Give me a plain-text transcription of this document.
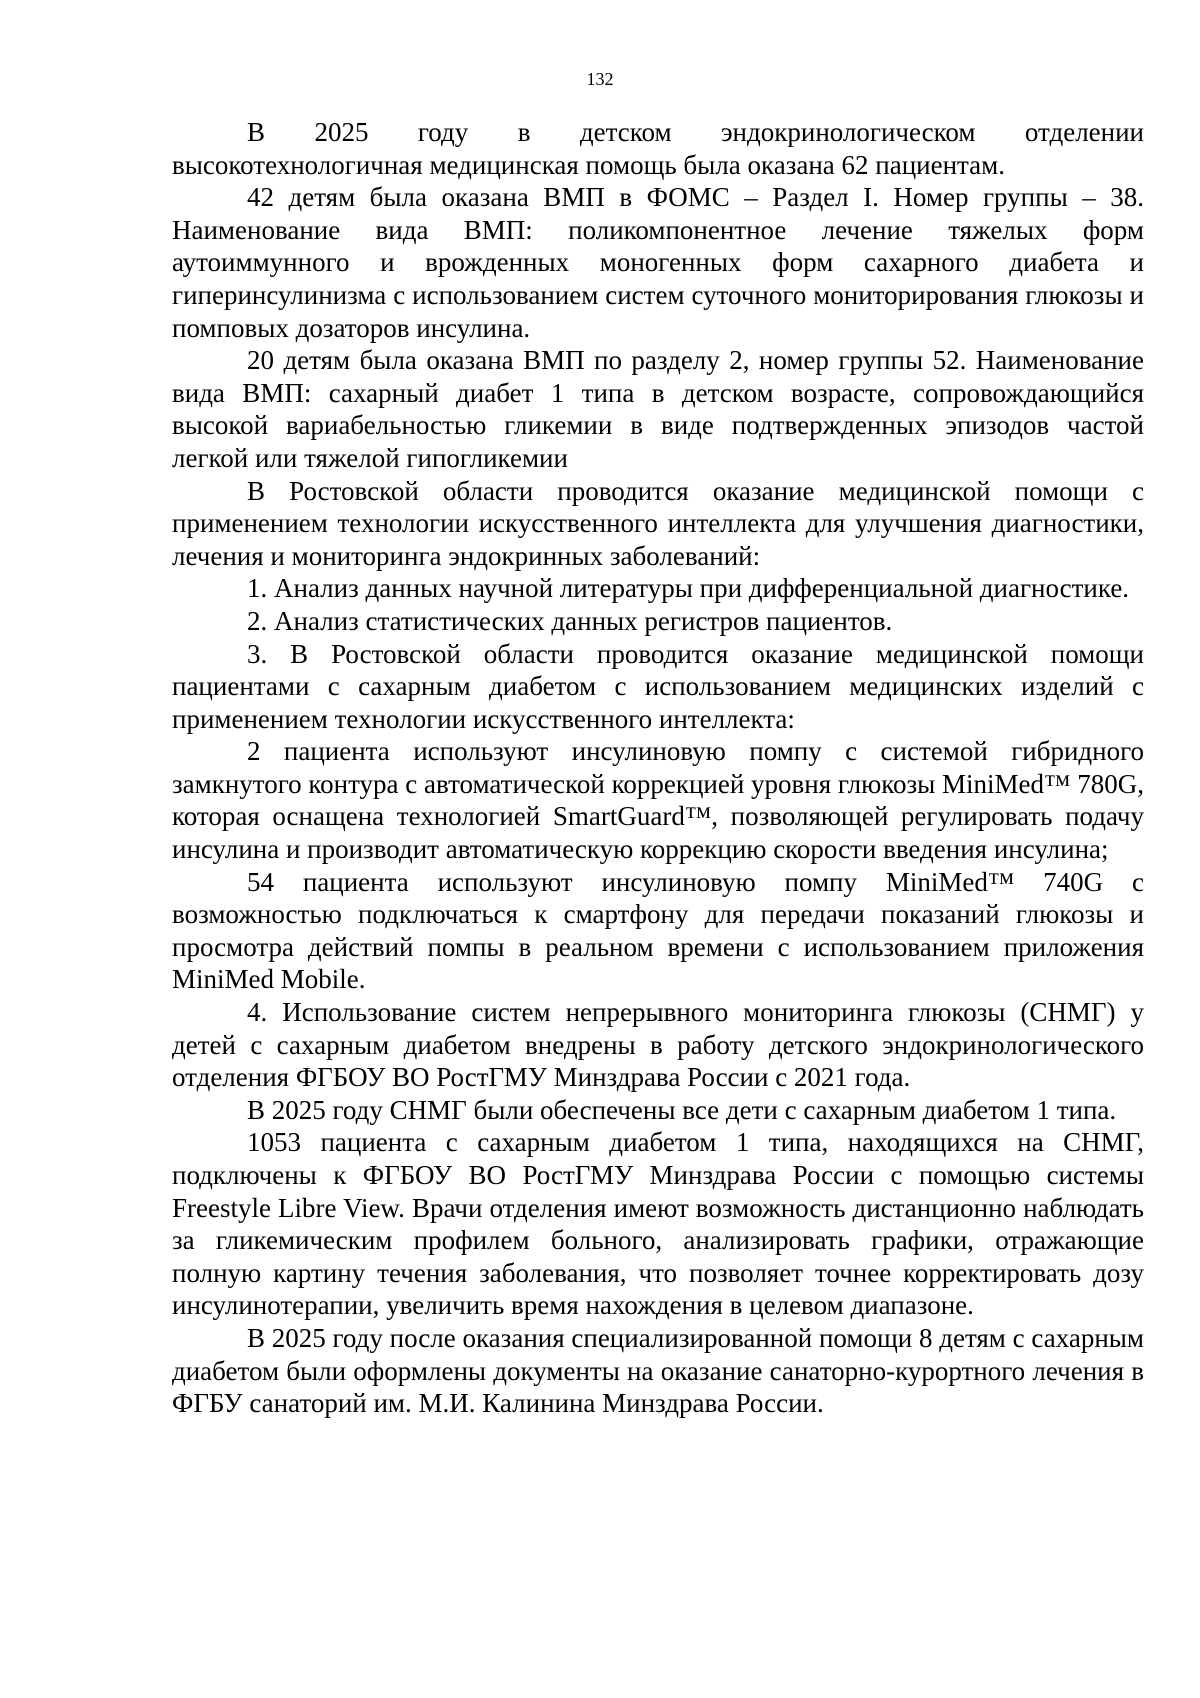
132

В 2025 году в детском эндокринологическом отделении высокотехнологичная медицинская помощь была оказана 62 пациентам.

42 детям была оказана ВМП в ФОМС – Раздел I. Номер группы – 38. Наименование вида ВМП: поликомпонентное лечение тяжелых форм аутоиммунного и врожденных моногенных форм сахарного диабета и гиперинсулинизма с использованием систем суточного мониторирования глюкозы и помповых дозаторов инсулина.

20 детям была оказана ВМП по разделу 2, номер группы 52. Наименование вида ВМП: сахарный диабет 1 типа в детском возрасте, сопровождающийся высокой вариабельностью гликемии в виде подтвержденных эпизодов частой легкой или тяжелой гипогликемии

В Ростовской области проводится оказание медицинской помощи с применением технологии искусственного интеллекта для улучшения диагностики, лечения и мониторинга эндокринных заболеваний:

1. Анализ данных научной литературы при дифференциальной диагностике.

2. Анализ статистических данных регистров пациентов.

3. В Ростовской области проводится оказание медицинской помощи пациентами с сахарным диабетом с использованием медицинских изделий с применением технологии искусственного интеллекта:

2 пациента используют инсулиновую помпу с системой гибридного замкнутого контура с автоматической коррекцией уровня глюкозы MiniMed™ 780G, которая оснащена технологией SmartGuard™, позволяющей регулировать подачу инсулина и производит автоматическую коррекцию скорости введения инсулина;

54 пациента используют инсулиновую помпу MiniMed™ 740G с возможностью подключаться к смартфону для передачи показаний глюкозы и просмотра действий помпы в реальном времени с использованием приложения MiniMed Mobile.

4. Использование систем непрерывного мониторинга глюкозы (СНМГ) у детей с сахарным диабетом внедрены в работу детского эндокринологического отделения ФГБОУ ВО РостГМУ Минздрава России с 2021 года.

В 2025 году СНМГ были обеспечены все дети с сахарным диабетом 1 типа.

1053 пациента с сахарным диабетом 1 типа, находящихся на СНМГ, подключены к ФГБОУ ВО РостГМУ Минздрава России с помощью системы Freestyle Libre View. Врачи отделения имеют возможность дистанционно наблюдать за гликемическим профилем больного, анализировать графики, отражающие полную картину течения заболевания, что позволяет точнее корректировать дозу инсулинотерапии, увеличить время нахождения в целевом диапазоне.

В 2025 году после оказания специализированной помощи 8 детям с сахарным диабетом были оформлены документы на оказание санаторно-курортного лечения в ФГБУ санаторий им. М.И. Калинина Минздрава России.
